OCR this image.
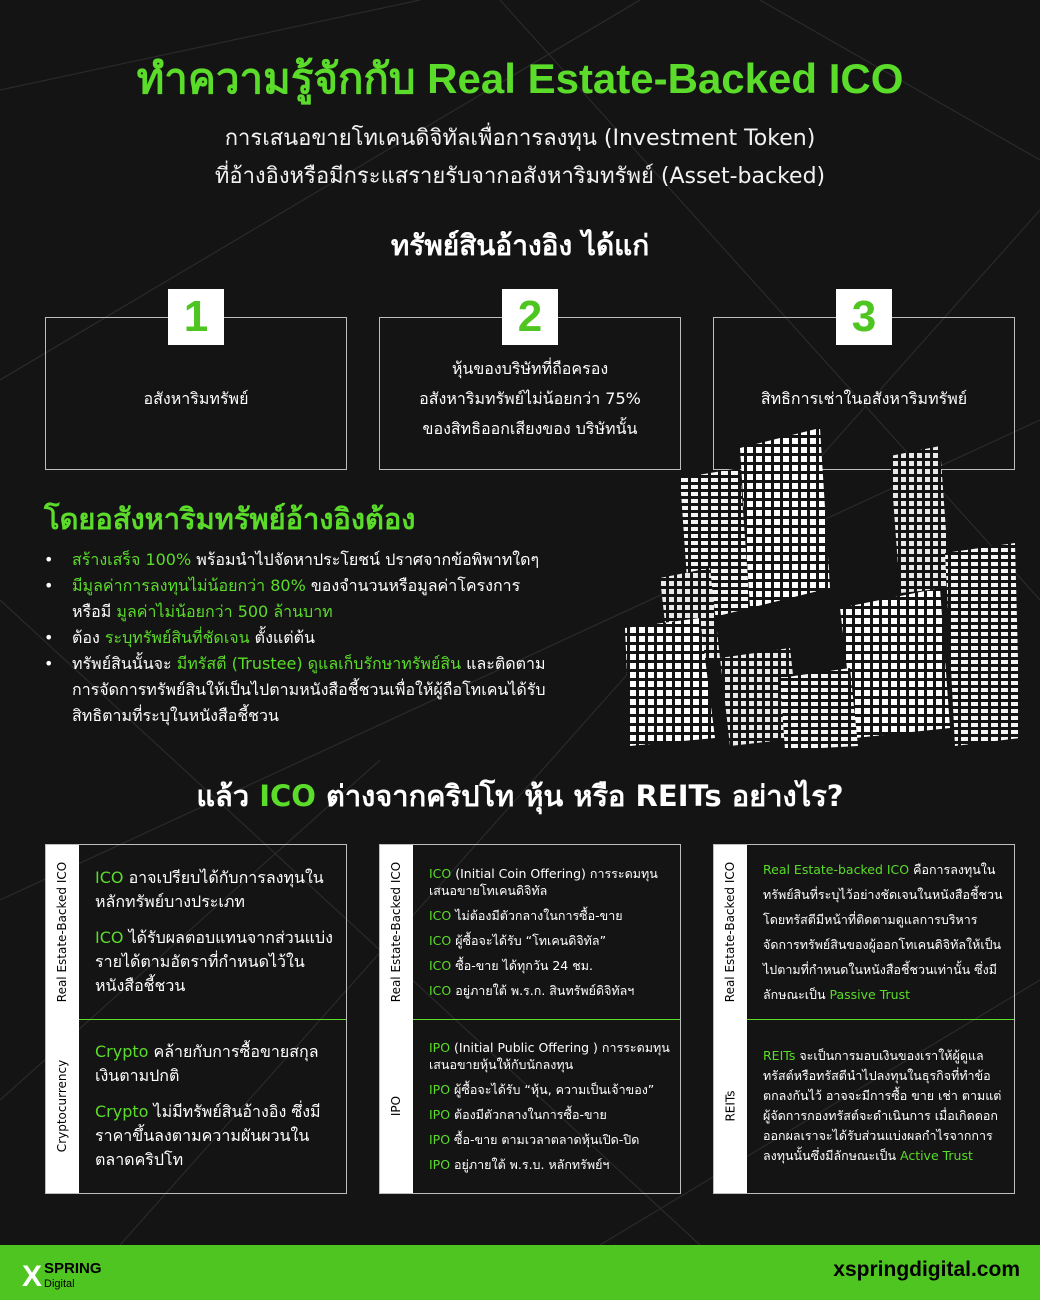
ทำความรู้จักกับ Real Estate-Backed ICO
การเสนอขายโทเคนดิจิทัลเพื่อการลงทุน (Investment Token)
ที่อ้างอิงหรือมีกระแสรายรับจากอสังหาริมทรัพย์ (Asset-backed)
ทรัพย์สินอ้างอิง ได้แก่
อสังหาริมทรัพย์
1
หุ้นของบริษัทที่ถือครอง
อสังหาริมทรัพย์ไม่น้อยกว่า 75%
ของสิทธิออกเสียงของ บริษัทนั้น
2
สิทธิการเช่าในอสังหาริมทรัพย์
3
โดยอสังหาริมทรัพย์อ้างอิงต้อง
• สร้างเสร็จ 100% พร้อมนำไปจัดหาประโยชน์ ปราศจากข้อพิพาทใดๆ
• มีมูลค่าการลงทุนไม่น้อยกว่า 80% ของจำนวนหรือมูลค่าโครงการ
หรือมี มูลค่าไม่น้อยกว่า 500 ล้านบาท
• ต้อง ระบุทรัพย์สินที่ชัดเจน ตั้งแต่ต้น
• ทรัพย์สินนั้นจะ มีทรัสตี (Trustee) ดูแลเก็บรักษาทรัพย์สิน และติดตาม
การจัดการทรัพย์สินให้เป็นไปตามหนังสือชี้ชวนเพื่อให้ผู้ถือโทเคนได้รับ
สิทธิตามที่ระบุในหนังสือชี้ชวน
แล้ว ICO ต่างจากคริปโท หุ้น หรือ REITs อย่างไร?
Real Estate-Backed ICO ICO อาจเปรียบได้กับการลงทุนในหลักทรัพย์บางประเภท
ICO ได้รับผลตอบแทนจากส่วนแบ่งรายได้ตามอัตราที่กำหนดไว้ในหนังสือชี้ชวน
Cryptocurrency
Crypto คล้ายกับการซื้อขายสกุลเงินตามปกติ
Crypto ไม่มีทรัพย์สินอ้างอิง ซึ่งมีราคาขึ้นลงตามความผันผวนในตลาดคริปโท
Real Estate-Backed ICO ICO (Initial Coin Offering) การระดมทุนเสนอขายโทเคนดิจิทัล
ICO ไม่ต้องมีตัวกลางในการซื้อ-ขาย
ICO ผู้ซื้อจะได้รับ “โทเคนดิจิทัล”
ICO ซื้อ-ขาย ได้ทุกวัน 24 ชม.
ICO อยู่ภายใต้ พ.ร.ก. สินทรัพย์ดิจิทัลฯ
IPO
IPO (Initial Public Offering ) การระดมทุนเสนอขายหุ้นให้กับนักลงทุน
IPO ผู้ซื้อจะได้รับ “หุ้น, ความเป็นเจ้าของ”
IPO ต้องมีตัวกลางในการซื้อ-ขาย
IPO ซื้อ-ขาย ตามเวลาตลาดหุ้นเปิด-ปิด
IPO อยู่ภายใต้ พ.ร.บ. หลักทรัพย์ฯ
Real Estate-Backed ICO Real Estate-backed ICO คือการลงทุนในทรัพย์สินที่ระบุไว้อย่างชัดเจนในหนังสือชี้ชวน โดยทรัสตีมีหน้าที่ติดตามดูแลการบริหารจัดการทรัพย์สินของผู้ออกโทเคนดิจิทัลให้เป็นไปตามที่กำหนดในหนังสือชี้ชวนเท่านั้น ซึ่งมีลักษณะเป็น Passive Trust
REITs
REITs จะเป็นการมอบเงินของเราให้ผู้ดูแลทรัสต์หรือทรัสตีนำไปลงทุนในธุรกิจที่ทำข้อตกลงกันไว้ อาจจะมีการซื้อ ขาย เช่า ตามแต่ผู้จัดการกองทรัสต์จะดำเนินการ เมื่อเกิดดอกออกผลเราจะได้รับส่วนแบ่งผลกำไรจากการลงทุนนั้นซึ่งมีลักษณะเป็น Active Trust
X SPRING
Digital
xspringdigital.com
